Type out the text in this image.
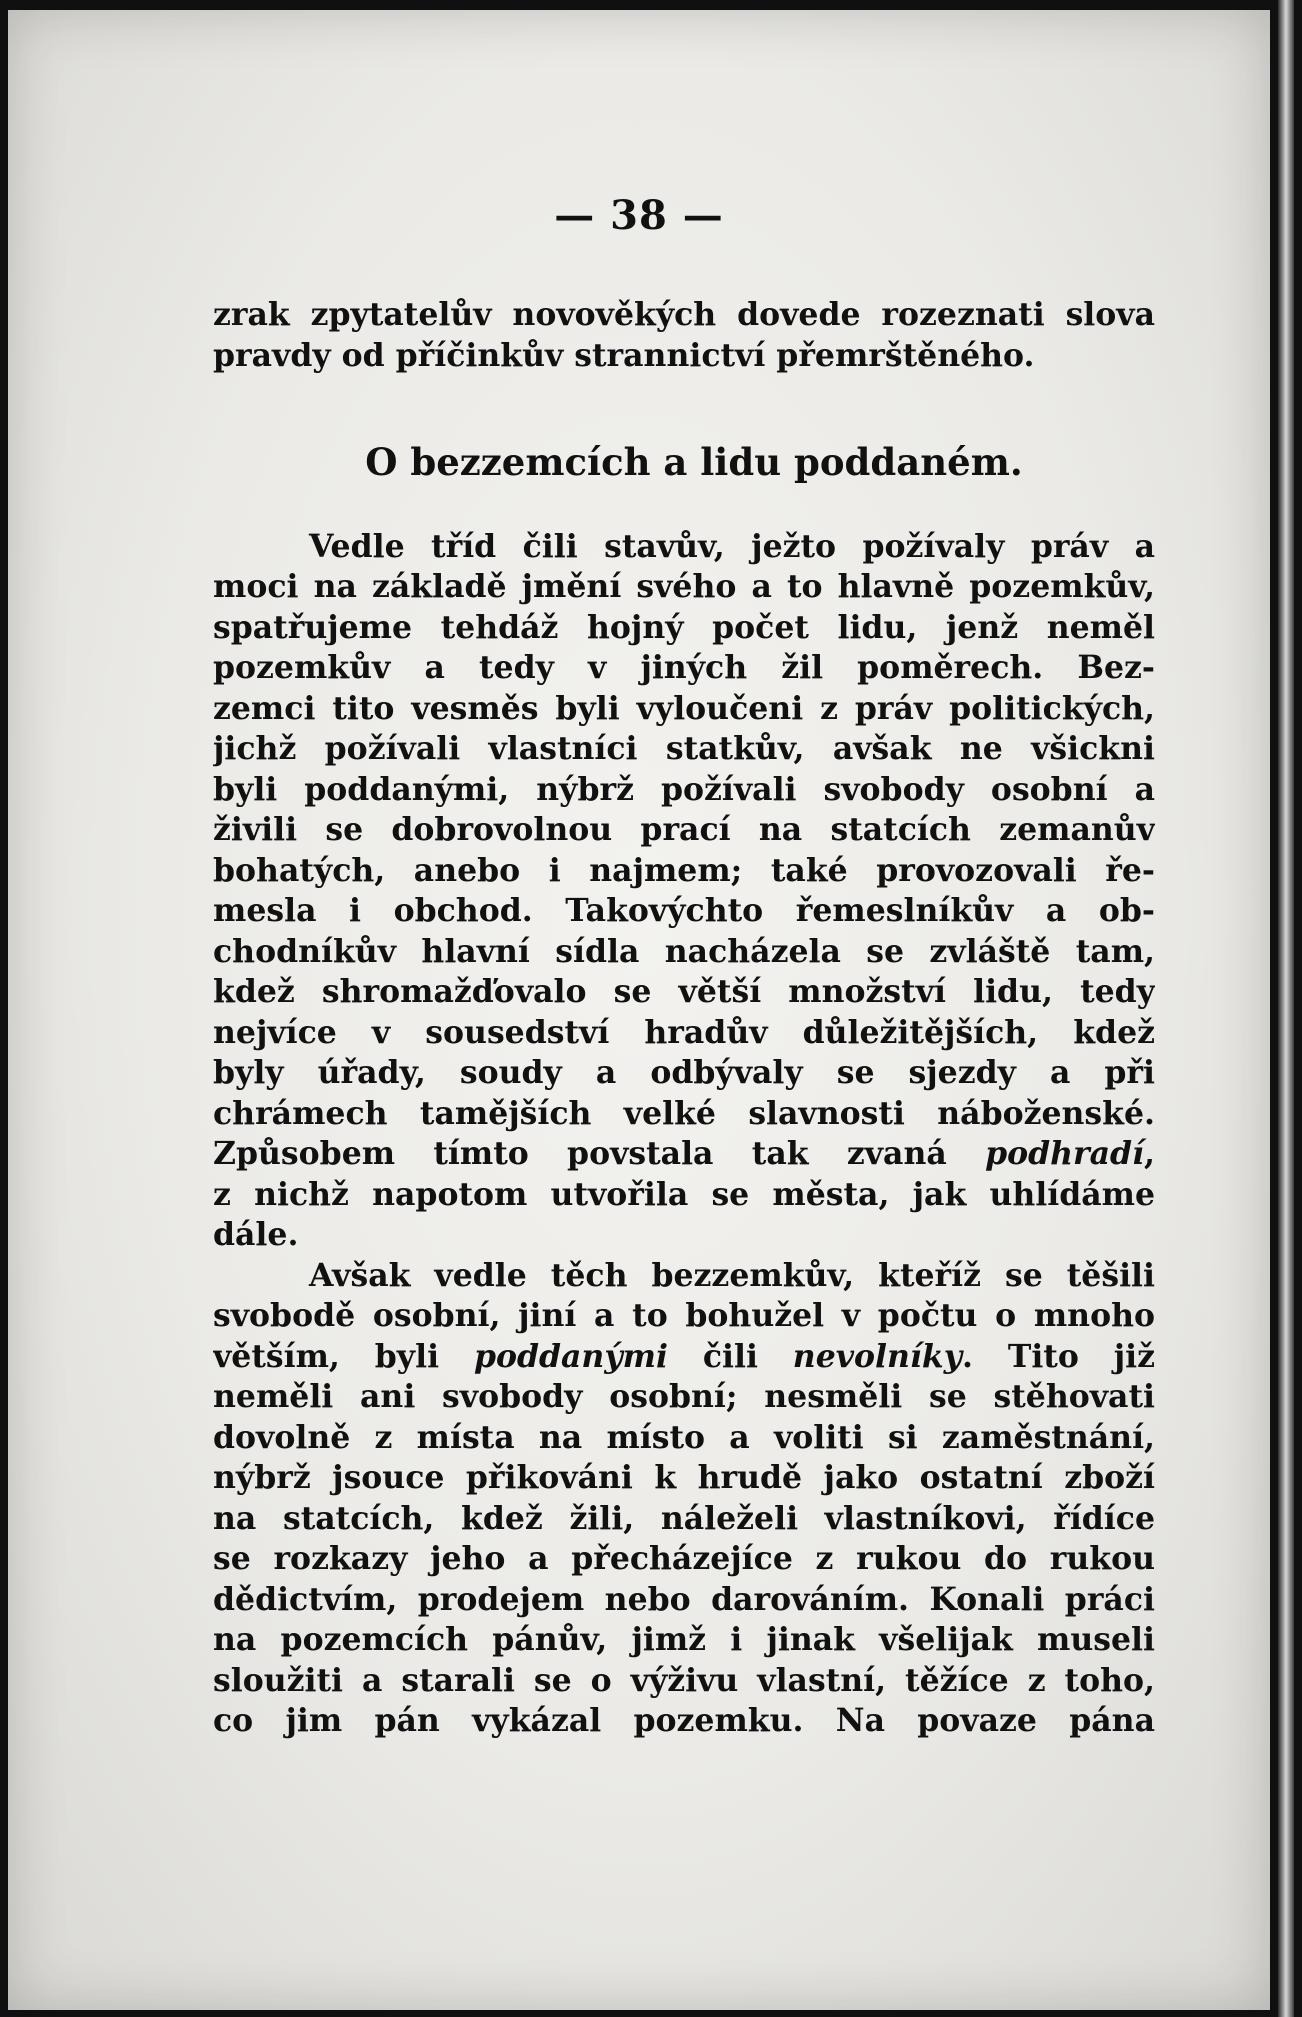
— 38 —
zrak zpytatelův novověkých dovede rozeznati slova
pravdy od příčinkův strannictví přemrštěného.
O bezzemcích a lidu poddaném.
Vedle tříd čili stavův, ježto požívaly práv a
moci na základě jmění svého a to hlavně pozemkův,
spatřujeme tehdáž hojný počet lidu, jenž neměl
pozemkův a tedy v jiných žil poměrech. Bez-
zemci tito vesměs byli vyloučeni z práv politických,
jichž požívali vlastníci statkův, avšak ne všickni
byli poddanými, nýbrž požívali svobody osobní a
živili se dobrovolnou prací na statcích zemanův
bohatých, anebo i najmem; také provozovali ře-
mesla i obchod. Takovýchto řemeslníkův a ob-
chodníkův hlavní sídla nacházela se zvláště tam,
kdež shromažďovalo se větší množství lidu, tedy
nejvíce v sousedství hradův důležitějších, kdež
byly úřady, soudy a odbývaly se sjezdy a při
chrámech tamějších velké slavnosti náboženské.
Způsobem tímto povstala tak zvaná podhradí,
z nichž napotom utvořila se města, jak uhlídáme
dále.
Avšak vedle těch bezzemkův, kteříž se těšili
svobodě osobní, jiní a to bohužel v počtu o mnoho
větším, byli poddanými čili nevolníky. Tito již
neměli ani svobody osobní; nesměli se stěhovati
dovolně z místa na místo a voliti si zaměstnání,
nýbrž jsouce přikováni k hrudě jako ostatní zboží
na statcích, kdež žili, náleželi vlastníkovi, řídíce
se rozkazy jeho a přecházejíce z rukou do rukou
dědictvím, prodejem nebo darováním. Konali práci
na pozemcích pánův, jimž i jinak všelijak museli
sloužiti a starali se o výživu vlastní, těžíce z toho,
co jim pán vykázal pozemku. Na povaze pána
